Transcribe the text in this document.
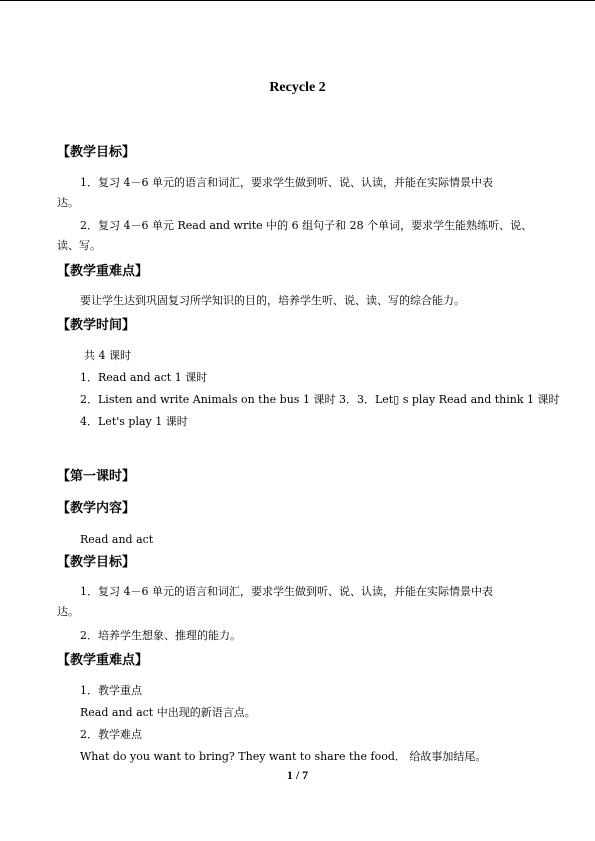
Recycle 2
【教学目标】
1．复习 4－6 单元的语言和词汇，要求学生做到听、说、认读，并能在实际情景中表
达。
2．复习 4－6 单元 Read and write 中的 6 组句子和 28 个单词，要求学生能熟练听、说、
读、写。
【教学重难点】
要让学生达到巩固复习所学知识的目的，培养学生听、说、读、写的综合能力。
【教学时间】
共 4 课时
1．Read and act 1 课时
2．Listen and write Animals on the bus 1 课时 3．3．Let▯ s play Read and think 1 课时
4．Let's play 1 课时
【第一课时】
【教学内容】
Read and act
【教学目标】
1．复习 4－6 单元的语言和词汇，要求学生做到听、说、认读，并能在实际情景中表
达。
2．培养学生想象、推理的能力。
【教学重难点】
1．教学重点
Read and act 中出现的新语言点。
2．教学难点
What do you want to bring? They want to share the food． 给故事加结尾。
1 / 7
